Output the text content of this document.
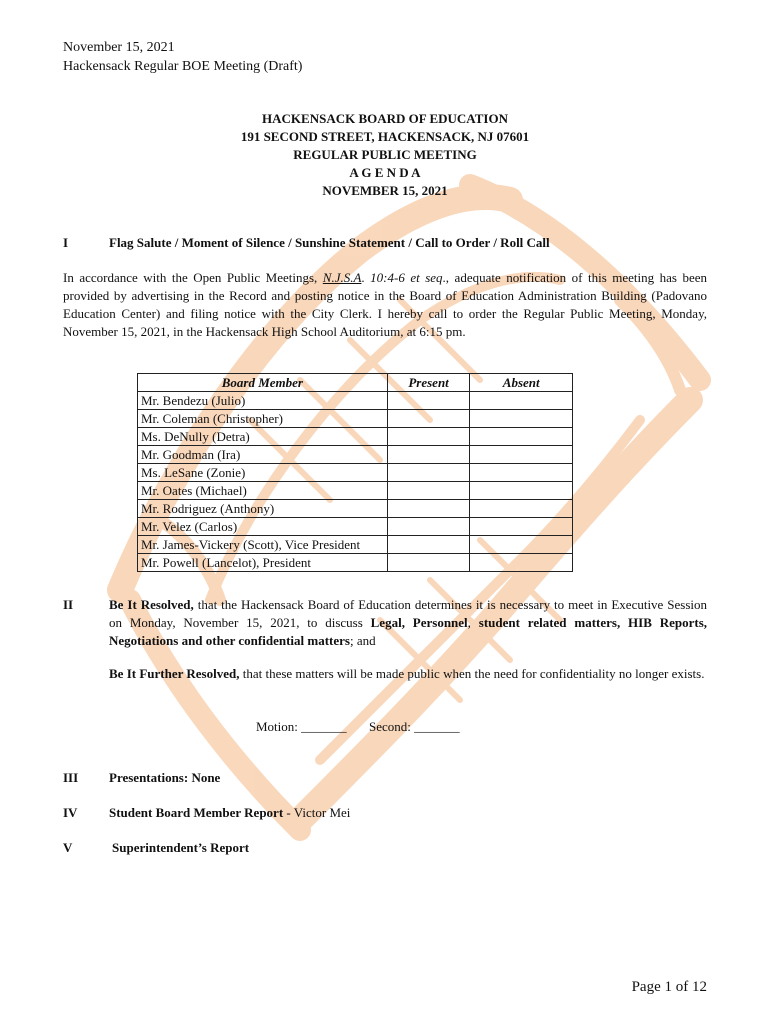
November 15, 2021
Hackensack Regular BOE Meeting (Draft)
HACKENSACK BOARD OF EDUCATION
191 SECOND STREET, HACKENSACK, NJ 07601
REGULAR PUBLIC MEETING
A G E N D A
NOVEMBER 15, 2021
I	Flag Salute / Moment of Silence / Sunshine Statement / Call to Order / Roll Call
In accordance with the Open Public Meetings, N.J.S.A. 10:4-6 et seq., adequate notification of this meeting has been provided by advertising in the Record and posting notice in the Board of Education Administration Building (Padovano Education Center) and filing notice with the City Clerk. I hereby call to order the Regular Public Meeting, Monday, November 15, 2021, in the Hackensack High School Auditorium, at 6:15 pm.
Board Member	Present	Absent
Mr. Bendezu (Julio)		
Mr. Coleman (Christopher)		
Ms. DeNully (Detra)		
Mr. Goodman (Ira)		
Ms. LeSane (Zonie)		
Mr. Oates (Michael)		
Mr. Rodriguez (Anthony)		
Mr. Velez (Carlos)		
Mr. James-Vickery (Scott), Vice President		
Mr. Powell (Lancelot), President		
II	Be It Resolved, that the Hackensack Board of Education determines it is necessary to meet in Executive Session on Monday, November 15, 2021, to discuss Legal, Personnel, student related matters, HIB Reports, Negotiations and other confidential matters; and
Be It Further Resolved, that these matters will be made public when the need for confidentiality no longer exists.
Motion: _______ Second: _______
III Presentations: None
IV Student Board Member Report - Victor Mei
V	Superintendent’s Report
Page 1 of 12
